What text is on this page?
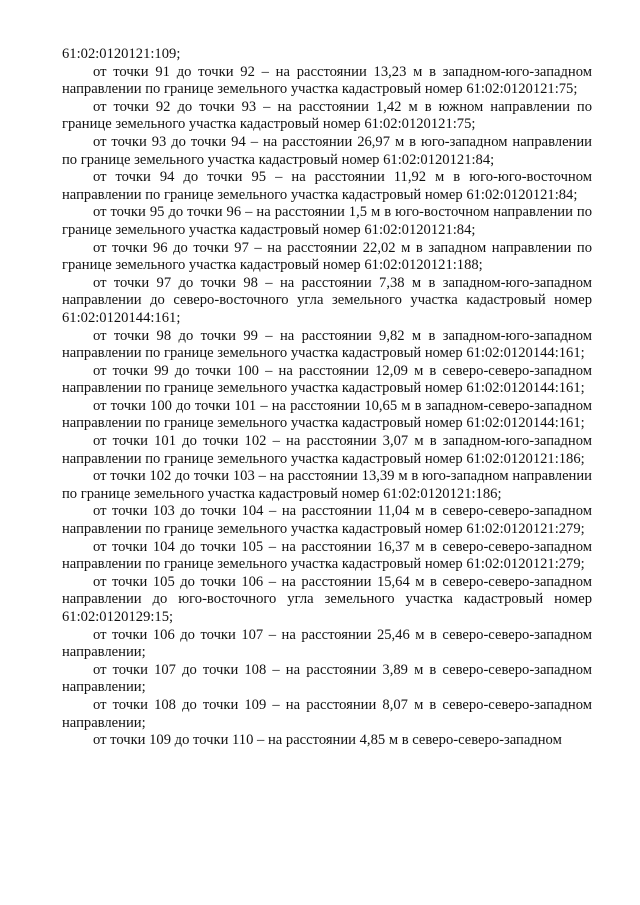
61:02:0120121:109;

от точки 91 до точки 92 – на расстоянии 13,23 м в западном-юго-западном направлении по границе земельного участка кадастровый номер 61:02:0120121:75;

от точки 92 до точки 93 – на расстоянии 1,42 м в южном направлении по границе земельного участка кадастровый номер 61:02:0120121:75;

от точки 93 до точки 94 – на расстоянии 26,97 м в юго-западном направлении по границе земельного участка кадастровый номер 61:02:0120121:84;

от точки 94 до точки 95 – на расстоянии 11,92 м в юго-юго-восточном направлении по границе земельного участка кадастровый номер 61:02:0120121:84;

от точки 95 до точки 96 – на расстоянии 1,5 м в юго-восточном направлении по границе земельного участка кадастровый номер 61:02:0120121:84;

от точки 96 до точки 97 – на расстоянии 22,02 м в западном направлении по границе земельного участка кадастровый номер 61:02:0120121:188;

от точки 97 до точки 98 – на расстоянии 7,38 м в западном-юго-западном направлении до северо-восточного угла земельного участка кадастровый номер 61:02:0120144:161;

от точки 98 до точки 99 – на расстоянии 9,82 м в западном-юго-западном направлении по границе земельного участка кадастровый номер 61:02:0120144:161;

от точки 99 до точки 100 – на расстоянии 12,09 м в северо-северо-западном направлении по границе земельного участка кадастровый номер 61:02:0120144:161;

от точки 100 до точки 101 – на расстоянии 10,65 м в западном-северо-западном направлении по границе земельного участка кадастровый номер 61:02:0120144:161;

от точки 101 до точки 102 – на расстоянии 3,07 м в западном-юго-западном направлении по границе земельного участка кадастровый номер 61:02:0120121:186;

от точки 102 до точки 103 – на расстоянии 13,39 м в юго-западном направлении по границе земельного участка кадастровый номер 61:02:0120121:186;

от точки 103 до точки 104 – на расстоянии 11,04 м в северо-северо-западном направлении по границе земельного участка кадастровый номер 61:02:0120121:279;

от точки 104 до точки 105 – на расстоянии 16,37 м в северо-северо-западном направлении по границе земельного участка кадастровый номер 61:02:0120121:279;

от точки 105 до точки 106 – на расстоянии 15,64 м в северо-северо-западном направлении до юго-восточного угла земельного участка кадастровый номер 61:02:0120129:15;

от точки 106 до точки 107 – на расстоянии 25,46 м в северо-северо-западном направлении;

от точки 107 до точки 108 – на расстоянии 3,89 м в северо-северо-западном направлении;

от точки 108 до точки 109 – на расстоянии 8,07 м в северо-северо-западном направлении;

от точки 109 до точки 110 – на расстоянии 4,85 м в северо-северо-западном
